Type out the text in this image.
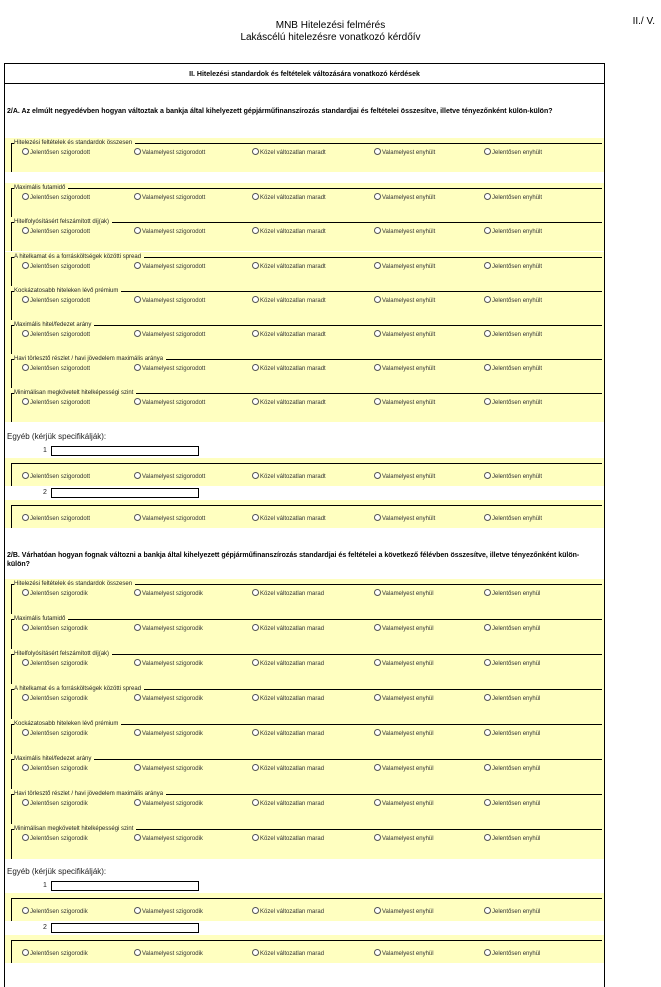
MNB Hitelezési felmérés
Lakáscélú hitelezésre vonatkozó kérdőív
II./ V.
II. Hitelezési standardok és feltételek változására vonatkozó kérdések
2/A. Az elmúlt negyedévben hogyan változtak a bankja által kihelyezett gépjárműfinanszírozás standardjai és feltételei összesítve, illetve tényezőnként külön-külön?
2/B. Várhatóan hogyan fognak változni a bankja által kihelyezett gépjárműfinanszírozás standardjai és feltételei a következő félévben összesítve, illetve tényezőnként külön-külön?
Hitelezési feltételek és standardok összesen
Jelentősen szigorodott	Valamelyest szigorodott	Közel változatlan maradt	Valamelyest enyhült	Jelentősen enyhült
Maximális futamidő
Jelentősen szigorodott	Valamelyest szigorodott	Közel változatlan maradt	Valamelyest enyhült	Jelentősen enyhült
Hitelfolyósításért felszámított díj(ak)
Jelentősen szigorodott	Valamelyest szigorodott	Közel változatlan maradt	Valamelyest enyhült	Jelentősen enyhült
A hitelkamat és a forrásköltségek közötti spread
Jelentősen szigorodott	Valamelyest szigorodott	Közel változatlan maradt	Valamelyest enyhült	Jelentősen enyhült
Kockázatosabb hiteleken lévő prémium
Jelentősen szigorodott	Valamelyest szigorodott	Közel változatlan maradt	Valamelyest enyhült	Jelentősen enyhült
Maximális hitel/fedezet arány
Jelentősen szigorodott	Valamelyest szigorodott	Közel változatlan maradt	Valamelyest enyhült	Jelentősen enyhült
Havi törlesztő részlet / havi jövedelem maximális aránya
Jelentősen szigorodott	Valamelyest szigorodott	Közel változatlan maradt	Valamelyest enyhült	Jelentősen enyhült
Minimálisan megkövetelt hitelképességi szint
Jelentősen szigorodott	Valamelyest szigorodott	Közel változatlan maradt	Valamelyest enyhült	Jelentősen enyhült
Egyéb (kérjük specifikálják):
1
Jelentősen szigorodott	Valamelyest szigorodott	Közel változatlan maradt	Valamelyest enyhült	Jelentősen enyhült
2
Jelentősen szigorodott	Valamelyest szigorodott	Közel változatlan maradt	Valamelyest enyhült	Jelentősen enyhült
Hitelezési feltételek és standardok összesen
Jelentősen szigorodik	Valamelyest szigorodik	Közel változatlan marad	Valamelyest enyhül	Jelentősen enyhül
Maximális futamidő
Jelentősen szigorodik	Valamelyest szigorodik	Közel változatlan marad	Valamelyest enyhül	Jelentősen enyhül
Hitelfolyósításért felszámított díj(ak)
Jelentősen szigorodik	Valamelyest szigorodik	Közel változatlan marad	Valamelyest enyhül	Jelentősen enyhül
A hitelkamat és a forrásköltségek közötti spread
Jelentősen szigorodik	Valamelyest szigorodik	Közel változatlan marad	Valamelyest enyhül	Jelentősen enyhül
Kockázatosabb hiteleken lévő prémium
Jelentősen szigorodik	Valamelyest szigorodik	Közel változatlan marad	Valamelyest enyhül	Jelentősen enyhül
Maximális hitel/fedezet arány
Jelentősen szigorodik	Valamelyest szigorodik	Közel változatlan marad	Valamelyest enyhül	Jelentősen enyhül
Havi törlesztő részlet / havi jövedelem maximális aránya
Jelentősen szigorodik	Valamelyest szigorodik	Közel változatlan marad	Valamelyest enyhül	Jelentősen enyhül
Minimálisan megkövetelt hitelképességi szint
Jelentősen szigorodik	Valamelyest szigorodik	Közel változatlan marad	Valamelyest enyhül	Jelentősen enyhül
Egyéb (kérjük specifikálják):
1
Jelentősen szigorodik	Valamelyest szigorodik	Közel változatlan marad	Valamelyest enyhül	Jelentősen enyhül
2
Jelentősen szigorodik	Valamelyest szigorodik	Közel változatlan marad	Valamelyest enyhül	Jelentősen enyhül
